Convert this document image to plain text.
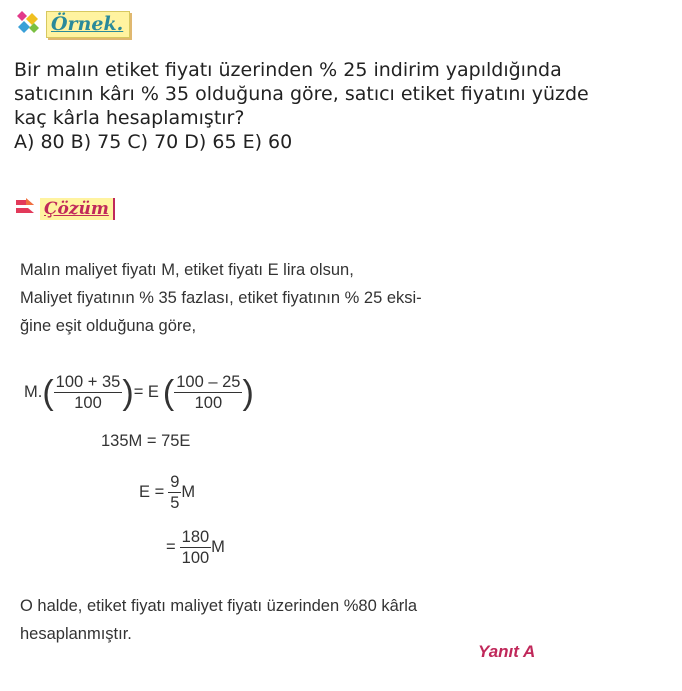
Örnek.

Bir malın etiket fiyatı üzerinden % 25 indirim yapıldığında

satıcının kârı % 35 olduğuna göre, satıcı etiket fiyatını yüzde

kaç kârla hesaplamıştır?

A) 80 B) 75 C) 70 D) 65 E) 60

Çözüm
Malın maliyet fiyatı M, etiket fiyatı E lira olsun,
Maliyet fiyatının % 35 fazlası, etiket fiyatının % 25 eksi-
ğine eşit olduğuna göre,
M. ( $\frac{100 + 35}{100}$ ) = E ( $\frac{100 - 25}{100}$ )
135M = 75E
$E = \frac{9}{5}$ M
= $\frac{180}{100}$ M
O halde, etiket fiyatı maliyet fiyatı üzerinden %80 kârla
hesaplanmıştır.
Yanıt A
